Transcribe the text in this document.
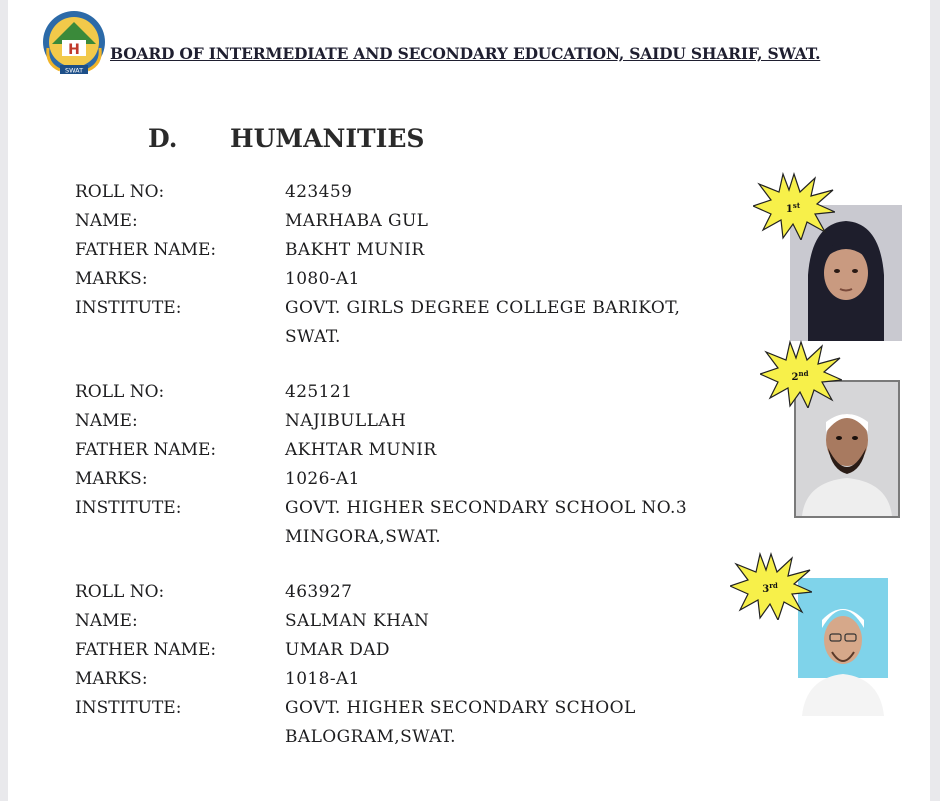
H
SWAT
BOARD OF INTERMEDIATE AND SECONDARY EDUCATION, SAIDU SHARIF, SWAT.
D. HUMANITIES
ROLL NO:	423459
NAME:	MARHABA GUL
FATHER NAME:	BAKHT MUNIR
MARKS:	1080-A1
INSTITUTE:	GOVT. GIRLS DEGREE COLLEGE BARIKOT,
SWAT.
ROLL NO:	425121
NAME:	NAJIBULLAH
FATHER NAME:	AKHTAR MUNIR
MARKS:	1026-A1
INSTITUTE:	GOVT. HIGHER SECONDARY SCHOOL NO.3
MINGORA,SWAT.
ROLL NO:	463927
NAME:	SALMAN KHAN
FATHER NAME:	UMAR DAD
MARKS:	1018-A1
INSTITUTE:	GOVT. HIGHER SECONDARY SCHOOL
BALOGRAM,SWAT.
1st
2nd
3rd
